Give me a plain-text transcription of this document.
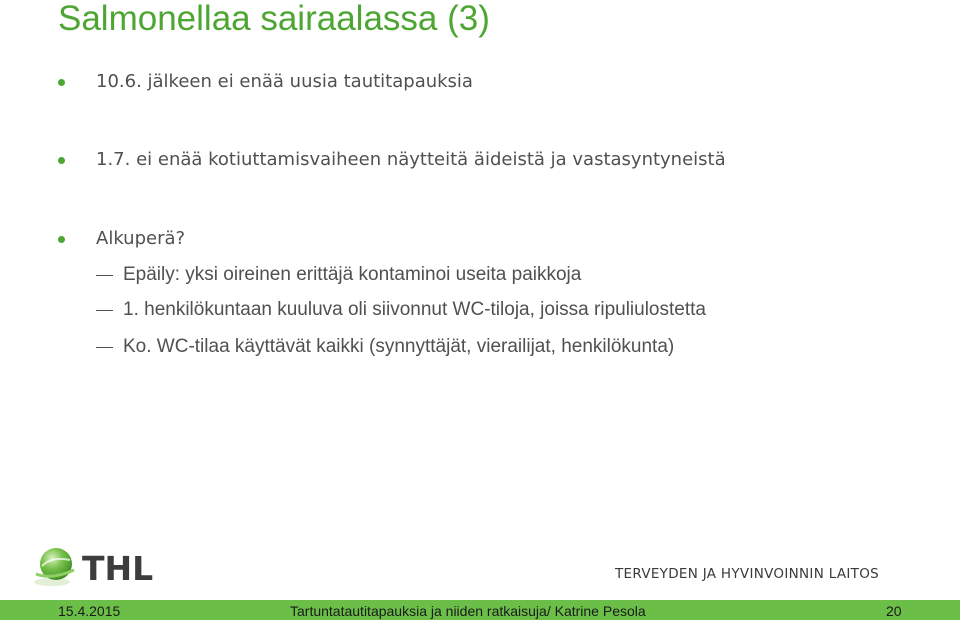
Salmonellaa sairaalassa (3)
10.6. jälkeen ei enää uusia tautitapauksia
1.7. ei enää kotiuttamisvaiheen näytteitä äideistä ja vastasyntyneistä
Alkuperä?
Epäily: yksi oireinen erittäjä kontaminoi useita paikkoja
1. henkilökuntaan kuuluva oli siivonnut WC-tiloja, joissa ripuliulostetta
Ko. WC-tilaa käyttävät kaikki (synnyttäjät, vierailijat, henkilökunta)
THL	TERVEYDEN JA HYVINVOINNIN LAITOS
15.4.2015	Tartuntatautitapauksia ja niiden ratkaisuja/ Katrine Pesola	20
